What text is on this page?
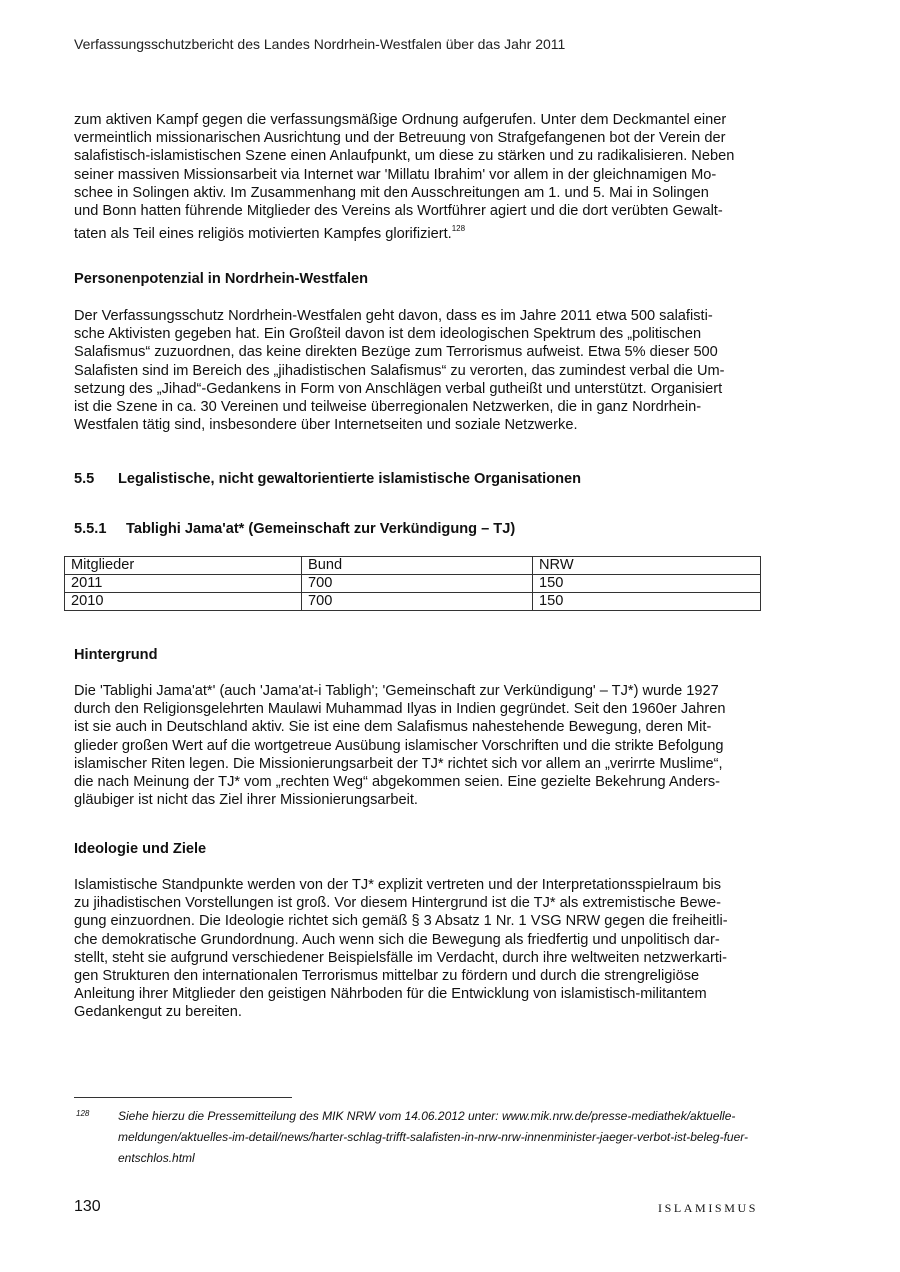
Verfassungsschutzbericht des Landes Nordrhein-Westfalen über das Jahr 2011
zum aktiven Kampf gegen die verfassungsmäßige Ordnung aufgerufen. Unter dem Deckmantel einer
vermeintlich missionarischen Ausrichtung und der Betreuung von Strafgefangenen bot der Verein der
salafistisch-islamistischen Szene einen Anlaufpunkt, um diese zu stärken und zu radikalisieren. Neben
seiner massiven Missionsarbeit via Internet war 'Millatu Ibrahim' vor allem in der gleichnamigen Mo-
schee in Solingen aktiv. Im Zusammenhang mit den Ausschreitungen am 1. und 5. Mai in Solingen
und Bonn hatten führende Mitglieder des Vereins als Wortführer agiert und die dort verübten Gewalt-
taten als Teil eines religiös motivierten Kampfes glorifiziert.$^{128}$
Personenpotenzial in Nordrhein-Westfalen
Der Verfassungsschutz Nordrhein-Westfalen geht davon, dass es im Jahre 2011 etwa 500 salafisti-
sche Aktivisten gegeben hat. Ein Großteil davon ist dem ideologischen Spektrum des „politischen
Salafismus“ zuzuordnen, das keine direkten Bezüge zum Terrorismus aufweist. Etwa 5% dieser 500
Salafisten sind im Bereich des „jihadistischen Salafismus“ zu verorten, das zumindest verbal die Um-
setzung des „Jihad“-Gedankens in Form von Anschlägen verbal gutheißt und unterstützt. Organisiert
ist die Szene in ca. 30 Vereinen und teilweise überregionalen Netzwerken, die in ganz Nordrhein-
Westfalen tätig sind, insbesondere über Internetseiten und soziale Netzwerke.
5.5 Legalistische, nicht gewaltorientierte islamistische Organisationen
5.5.1 Tablighi Jama'at* (Gemeinschaft zur Verkündigung – TJ)
Mitglieder	Bund	NRW
2011	700	150
2010	700	150
Hintergrund
Die 'Tablighi Jama'at*' (auch 'Jama'at-i Tabligh'; 'Gemeinschaft zur Verkündigung' – TJ*) wurde 1927
durch den Religionsgelehrten Maulawi Muhammad Ilyas in Indien gegründet. Seit den 1960er Jahren
ist sie auch in Deutschland aktiv. Sie ist eine dem Salafismus nahestehende Bewegung, deren Mit-
glieder großen Wert auf die wortgetreue Ausübung islamischer Vorschriften und die strikte Befolgung
islamischer Riten legen. Die Missionierungsarbeit der TJ* richtet sich vor allem an „verirrte Muslime“,
die nach Meinung der TJ* vom „rechten Weg“ abgekommen seien. Eine gezielte Bekehrung Anders-
gläubiger ist nicht das Ziel ihrer Missionierungsarbeit.
Ideologie und Ziele
Islamistische Standpunkte werden von der TJ* explizit vertreten und der Interpretationsspielraum bis
zu jihadistischen Vorstellungen ist groß. Vor diesem Hintergrund ist die TJ* als extremistische Bewe-
gung einzuordnen. Die Ideologie richtet sich gemäß § 3 Absatz 1 Nr. 1 VSG NRW gegen die freiheitli-
che demokratische Grundordnung. Auch wenn sich die Bewegung als friedfertig und unpolitisch dar-
stellt, steht sie aufgrund verschiedener Beispielsfälle im Verdacht, durch ihre weltweiten netzwerkarti-
gen Strukturen den internationalen Terrorismus mittelbar zu fördern und durch die strengreligiöse
Anleitung ihrer Mitglieder den geistigen Nährboden für die Entwicklung von islamistisch-militantem
Gedankengut zu bereiten.
128 Siehe hierzu die Pressemitteilung des MIK NRW vom 14.06.2012 unter: www.mik.nrw.de/presse-mediathek/aktuelle-
meldungen/aktuelles-im-detail/news/harter-schlag-trifft-salafisten-in-nrw-nrw-innenminister-jaeger-verbot-ist-beleg-fuer-
entschlos.html
130	ISLAMISMUS
